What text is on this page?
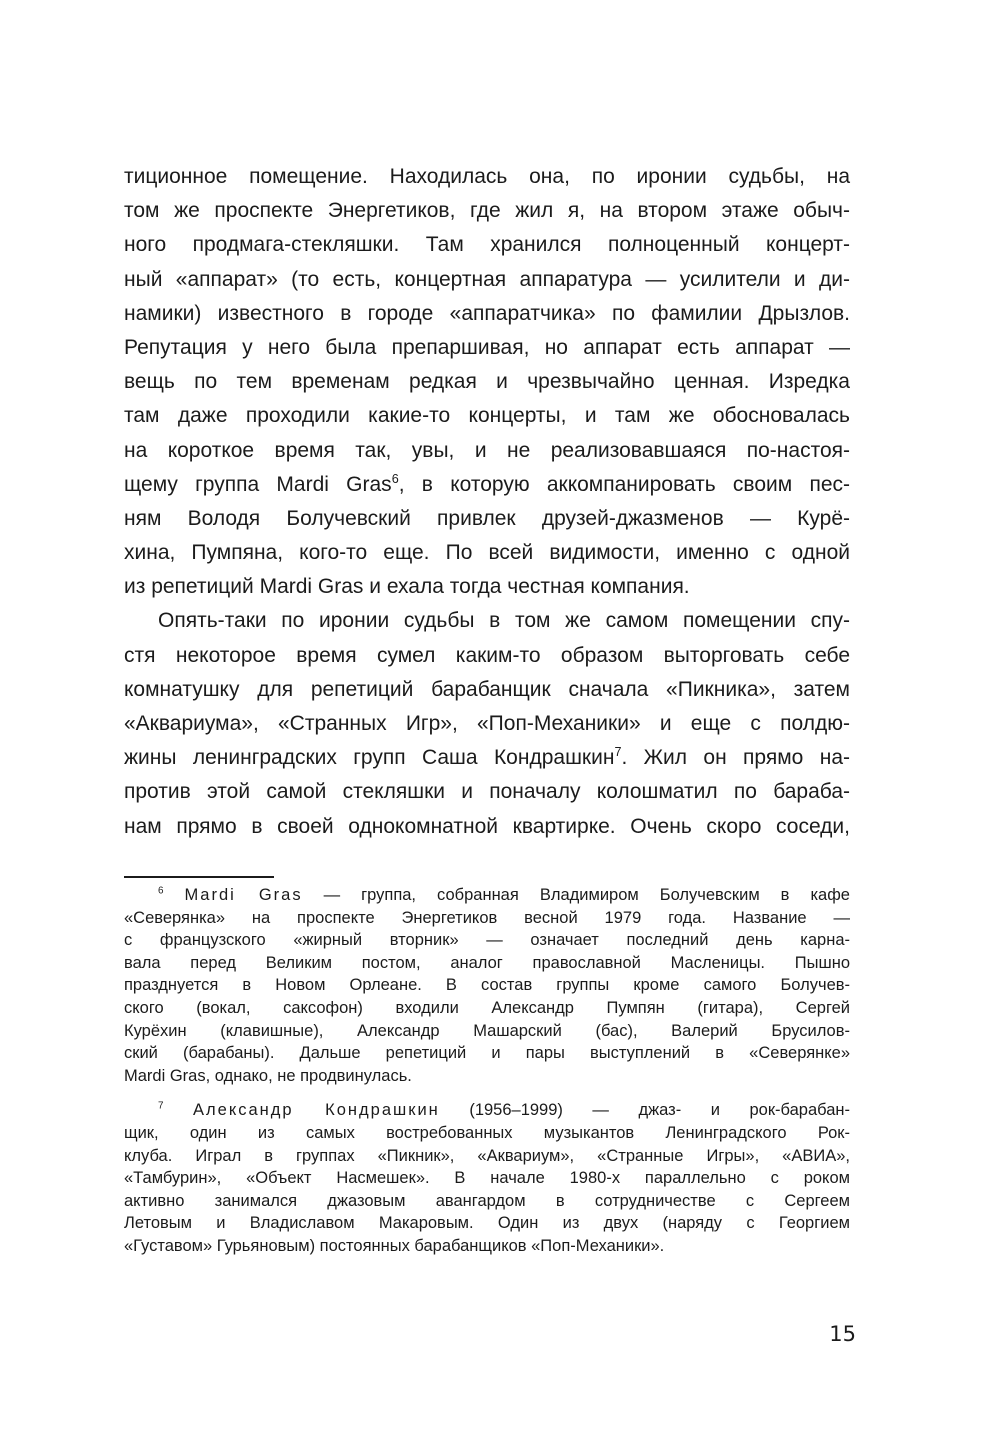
тиционное помещение. Находилась она, по иронии судьбы, на
том же проспекте Энергетиков, где жил я, на втором этаже обыч-
ного продмага-стекляшки. Там хранился полноценный концерт-
ный «аппарат» (то есть, концертная аппаратура — усилители и ди-
намики) известного в городе «аппаратчика» по фамилии Дрызлов.
Репутация у него была препаршивая, но аппарат есть аппарат —
вещь по тем временам редкая и чрезвычайно ценная. Изредка
там даже проходили какие-то концерты, и там же обосновалась
на короткое время так, увы, и не реализовавшаяся по-настоя-
щему группа Mardi Gras$^6$, в которую аккомпанировать своим пес-
ням Володя Болучевский привлек друзей-джазменов — Курё-
хина, Пумпяна, кого-то еще. По всей видимости, именно с одной
из репетиций Mardi Gras и ехала тогда честная компания.
Опять-таки по иронии судьбы в том же самом помещении спу-
стя некоторое время сумел каким-то образом выторговать себе
комнатушку для репетиций барабанщик сначала «Пикника», затем
«Аквариума», «Странных Игр», «Поп-Механики» и еще с полдю-
жины ленинградских групп Саша Кондрашкин$^7$. Жил он прямо на-
против этой самой стекляшки и поначалу колошматил по бараба-
нам прямо в своей однокомнатной квартирке. Очень скоро соседи,
$^6$ Mardi Gras — группа, собранная Владимиром Болучевским в кафе
«Северянка» на проспекте Энергетиков весной 1979 года. Название —
с французского «жирный вторник» — означает последний день карна-
вала перед Великим постом, аналог православной Масленицы. Пышно
празднуется в Новом Орлеане. В состав группы кроме самого Болучев-
ского (вокал, саксофон) входили Александр Пумпян (гитара), Сергей
Курёхин (клавишные), Александр Машарский (бас), Валерий Брусилов-
ский (барабаны). Дальше репетиций и пары выступлений в «Северянке»
Mardi Gras, однако, не продвинулась.
$^7$ Александр Кондрашкин (1956–1999) — джаз- и рок-барабан-
щик, один из самых востребованных музыкантов Ленинградского Рок-
клуба. Играл в группах «Пикник», «Аквариум», «Странные Игры», «АВИА»,
«Тамбурин», «Объект Насмешек». В начале 1980-х параллельно с роком
активно занимался джазовым авангардом в сотрудничестве с Сергеем
Летовым и Владиславом Макаровым. Один из двух (наряду с Георгием
«Густавом» Гурьяновым) постоянных барабанщиков «Поп-Механики».
15
